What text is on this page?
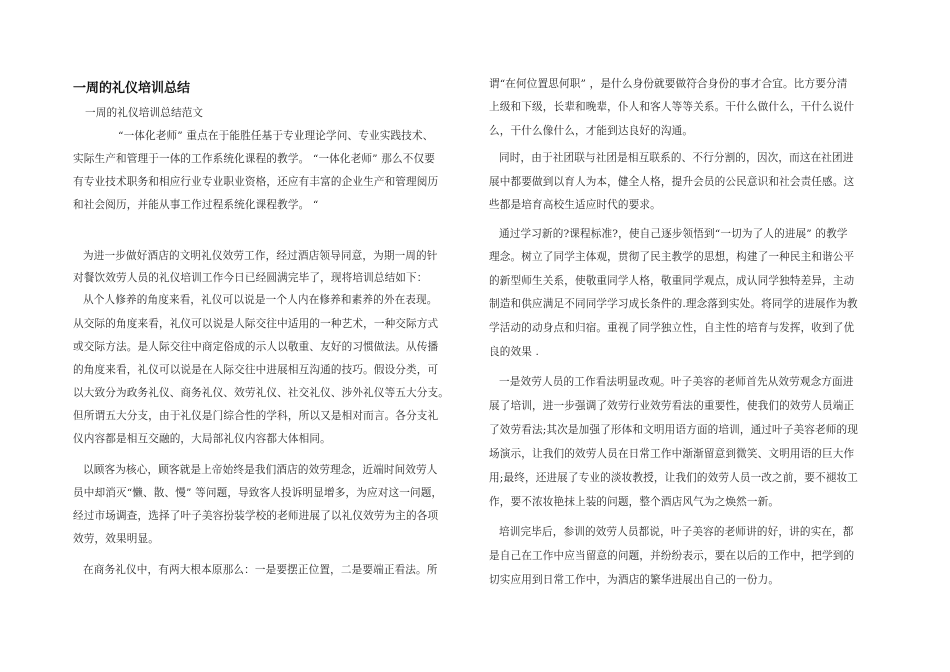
一周的礼仪培训总结
一周的礼仪培训总结范文
“一体化老师” 重点在于能胜任基于专业理论学问、专业实践技术、
实际生产和管理于一体的工作系统化课程的教学。 “一体化老师” 那么不仅要
有专业技术职务和相应行业专业职业资格，还应有丰富的企业生产和管理阅历
和社会阅历，并能从事工作过程系统化课程教学。 “
为进一步做好酒店的文明礼仪效劳工作，经过酒店领导同意，为期一周的针
对餐饮效劳人员的礼仪培训工作今日已经圆满完毕了，现将培训总结如下：
从个人修养的角度来看，礼仪可以说是一个人内在修养和素养的外在表现。
从交际的角度来看，礼仪可以说是人际交往中适用的一种艺术，一种交际方式
或交际方法。是人际交往中商定俗成的示人以敬重、友好的习惯做法。从传播
的角度来看，礼仪可以说是在人际交往中进展相互沟通的技巧。假设分类，可
以大致分为政务礼仪、商务礼仪、效劳礼仪、社交礼仪、涉外礼仪等五大分支。
但所谓五大分支，由于礼仪是门综合性的学科，所以又是相对而言。各分支礼
仪内容都是相互交融的，大局部礼仪内容都大体相同。
以顾客为核心，顾客就是上帝始终是我们酒店的效劳理念，近端时间效劳人
员中却消灭“懒、散、慢” 等问题，导致客人投诉明显增多，为应对这一问题，
经过市场调查，选择了叶子美容扮装学校的老师进展了以礼仪效劳为主的各项
效劳，效果明显。
在商务礼仪中，有两大根本原那么：一是要摆正位置，二是要端正看法。所
谓“在何位置思何职” ，是什么身份就要做符合身份的事才合宜。比方要分清
上级和下级，长辈和晚辈，仆人和客人等等关系。干什么做什么，干什么说什
么，干什么像什么，才能到达良好的沟通。
同时，由于社团联与社团是相互联系的、不行分割的，因次，而这在社团进
展中都要做到以育人为本，健全人格，提升会员的公民意识和社会责任感。这
些都是培育高校生适应时代的要求。
通过学习新的?课程标准?，使自己逐步领悟到“一切为了人的进展” 的教学
理念。树立了同学主体观，贯彻了民主教学的思想，构建了一种民主和谐公平
的新型师生关系，使敬重同学人格，敬重同学观点，成认同学独特差异，主动
制造和供应满足不同同学学习成长条件的.理念落到实处。将同学的进展作为教
学活动的动身点和归宿。重视了同学独立性，自主性的培育与发挥，收到了优
良的效果 .
一是效劳人员的工作看法明显改观。叶子美容的老师首先从效劳观念方面进
展了培训，进一步强调了效劳行业效劳看法的重要性，使我们的效劳人员端正
了效劳看法;其次是加强了形体和文明用语方面的培训，通过叶子美容老师的现
场演示，让我们的效劳人员在日常工作中渐渐留意到微笑、文明用语的巨大作
用;最终，还进展了专业的淡妆教授，让我们的效劳人员一改之前，要不褪妆工
作，要不浓妆艳抹上装的问题，整个酒店风气为之焕然一新。
培训完毕后，参训的效劳人员都说，叶子美容的老师讲的好，讲的实在，都
是自己在工作中应当留意的问题，并纷纷表示，要在以后的工作中，把学到的
切实应用到日常工作中，为酒店的繁华进展出自己的一份力。
